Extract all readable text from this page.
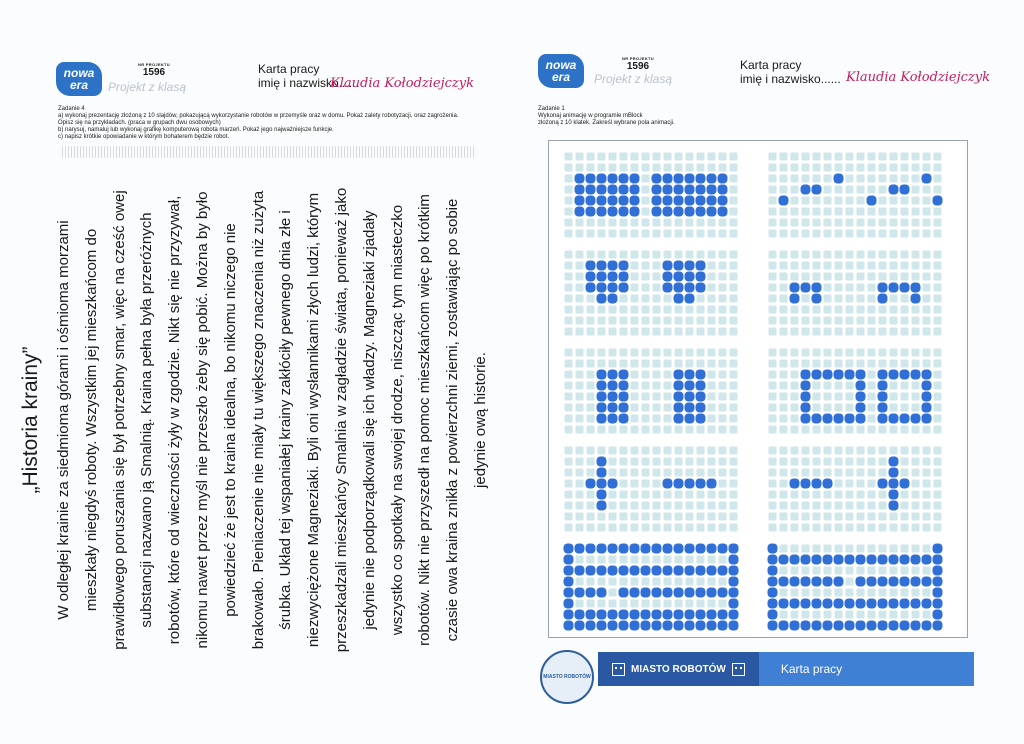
nowa era
NR PROJEKTU
1596
Projekt z klasą
Karta pracy
imię i nazwisko......
Klaudia Kołodziejczyk
Zadanie 4
a) wykonaj prezentację złożoną z 10 slajdów, pokazującą wykorzystanie robotów w przemyśle oraz w domu. Pokaż zalety robotyzacji, oraz zagrożenia.
Opisz się na przykładach. (praca w grupach dwu osobowych)
b) narysuj, namaluj lub wykonaj grafikę komputerową robota marzeń. Pokaż jego najważniejsze funkcje.
c) napisz krótkie opowiadanie w którym bohaterem będzie robot.
„Historia krainy” W odległej krainie za siedmioma górami i ośmioma morzami mieszkały niegdyś roboty. Wszystkim jej mieszkańcom do prawidłowego poruszania się był potrzebny smar, więc na cześć owej substancji nazwano ją Smalnią. Kraina pełna była przeróżnych robotów, które od wieczności żyły w zgodzie. Nikt się nie przyzywał, nikomu nawet przez myśl nie przeszło żeby się pobić. Można by było powiedzieć że jest to kraina idealna, bo nikomu niczego nie brakowało. Pieniaczenie nie miały tu większego znaczenia niż zużyta śrubka. Układ tej wspaniałej krainy zakłóciły pewnego dnia złe i niezwyciężone Magneziaki. Byli oni wysłannikami złych ludzi, którym przeszkadzali mieszkańcy Smalnia w zagładzie świata, ponieważ jako jedynie nie podporządkowali się ich władzy. Magneziaki zjadały wszystko co spotkały na swojej drodze, niszcząc tym miasteczko robotów. Nikt nie przyszedł na pomoc mieszkańcom więc po krótkim czasie owa kraina znikła z powierzchni ziemi, zostawiając po sobie jedynie ową historie.

nowa era
NR PROJEKTU
1596
Projekt z klasą
Karta pracy
imię i nazwisko...... Klaudia Kołodziejczyk
Zadanie 1
Wykonaj animację w programie mBlock
złożoną z 10 klatek. Zakreśl wybrane pola animacji.
MIASTO ROBOTÓW
MIASTO ROBOTÓW	Karta pracy
